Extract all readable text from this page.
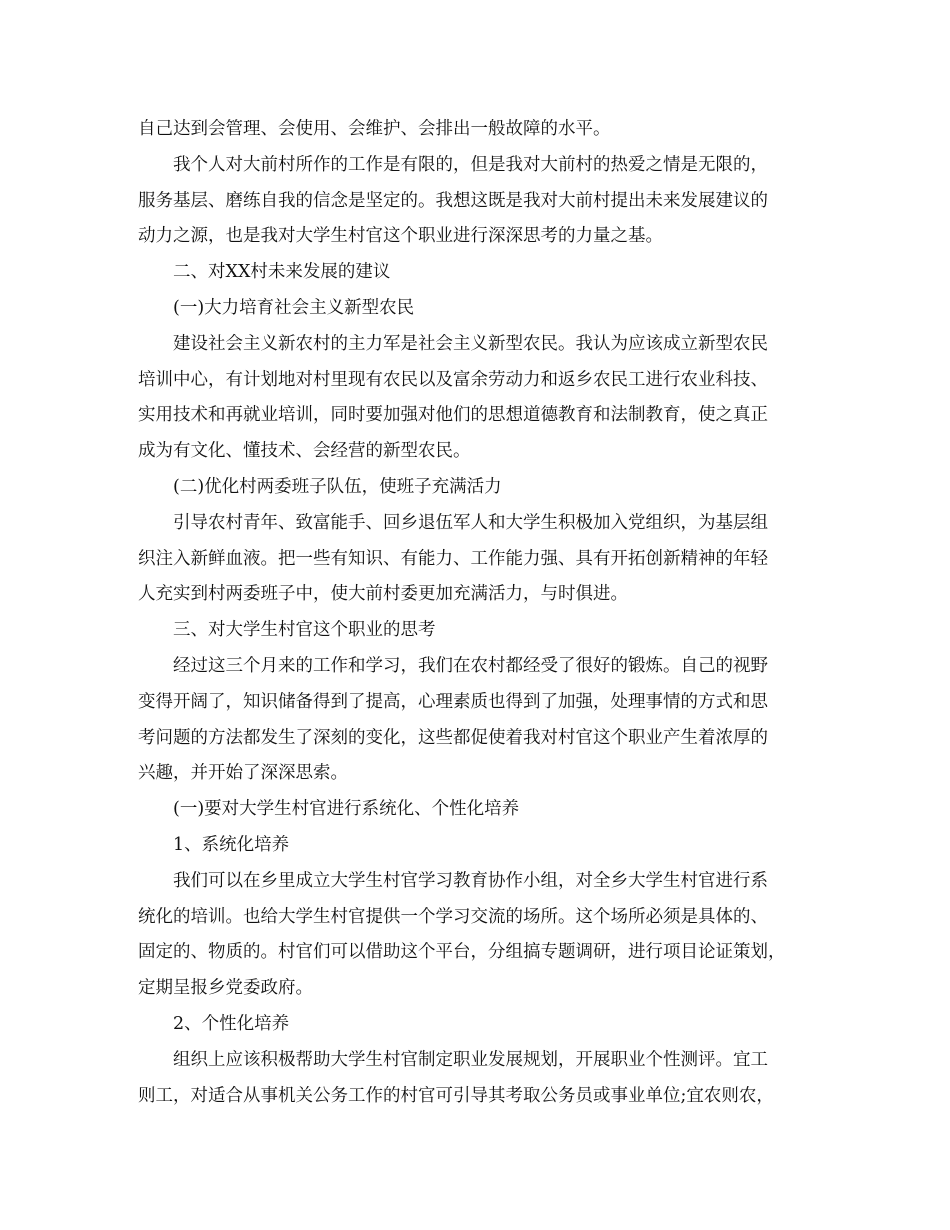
自己达到会管理、会使用、会维护、会排出一般故障的水平。
我个人对大前村所作的工作是有限的，但是我对大前村的热爱之情是无限的，
服务基层、磨练自我的信念是坚定的。我想这既是我对大前村提出未来发展建议的
动力之源，也是我对大学生村官这个职业进行深深思考的力量之基。
二、对XX村未来发展的建议
(一)大力培育社会主义新型农民
建设社会主义新农村的主力军是社会主义新型农民。我认为应该成立新型农民
培训中心，有计划地对村里现有农民以及富余劳动力和返乡农民工进行农业科技、
实用技术和再就业培训，同时要加强对他们的思想道德教育和法制教育，使之真正
成为有文化、懂技术、会经营的新型农民。
(二)优化村两委班子队伍，使班子充满活力
引导农村青年、致富能手、回乡退伍军人和大学生积极加入党组织，为基层组
织注入新鲜血液。把一些有知识、有能力、工作能力强、具有开拓创新精神的年轻
人充实到村两委班子中，使大前村委更加充满活力，与时俱进。
三、对大学生村官这个职业的思考
经过这三个月来的工作和学习，我们在农村都经受了很好的锻炼。自己的视野
变得开阔了，知识储备得到了提高，心理素质也得到了加强，处理事情的方式和思
考问题的方法都发生了深刻的变化，这些都促使着我对村官这个职业产生着浓厚的
兴趣，并开始了深深思索。
(一)要对大学生村官进行系统化、个性化培养
1、系统化培养
我们可以在乡里成立大学生村官学习教育协作小组，对全乡大学生村官进行系
统化的培训。也给大学生村官提供一个学习交流的场所。这个场所必须是具体的、
固定的、物质的。村官们可以借助这个平台，分组搞专题调研，进行项目论证策划，
定期呈报乡党委政府。
2、个性化培养
组织上应该积极帮助大学生村官制定职业发展规划，开展职业个性测评。宜工
则工，对适合从事机关公务工作的村官可引导其考取公务员或事业单位;宜农则农，
